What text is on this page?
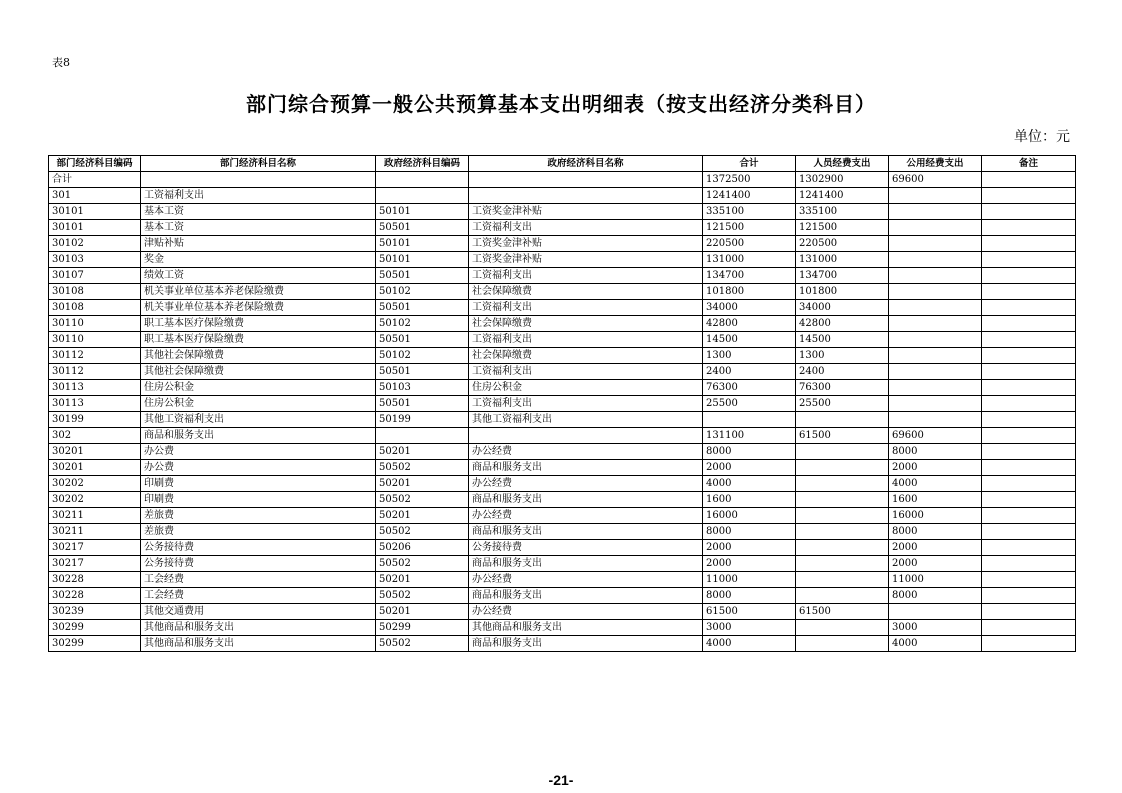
表8
部门综合预算一般公共预算基本支出明细表（按支出经济分类科目）
单位：元
部门经济科目编码	部门经济科目名称	政府经济科目编码	政府经济科目名称	合计	人员经费支出	公用经费支出	备注
合计				1372500	1302900	69600	
301	工资福利支出			1241400	1241400		
30101	基本工资	50101	工资奖金津补贴	335100	335100		
30101	基本工资	50501	工资福利支出	121500	121500		
30102	津贴补贴	50101	工资奖金津补贴	220500	220500		
30103	奖金	50101	工资奖金津补贴	131000	131000		
30107	绩效工资	50501	工资福利支出	134700	134700		
30108	机关事业单位基本养老保险缴费	50102	社会保障缴费	101800	101800		
30108	机关事业单位基本养老保险缴费	50501	工资福利支出	34000	34000		
30110	职工基本医疗保险缴费	50102	社会保障缴费	42800	42800		
30110	职工基本医疗保险缴费	50501	工资福利支出	14500	14500		
30112	其他社会保障缴费	50102	社会保障缴费	1300	1300		
30112	其他社会保障缴费	50501	工资福利支出	2400	2400		
30113	住房公积金	50103	住房公积金	76300	76300		
30113	住房公积金	50501	工资福利支出	25500	25500		
30199	其他工资福利支出	50199	其他工资福利支出				
302	商品和服务支出			131100	61500	69600	
30201	办公费	50201	办公经费	8000		8000	
30201	办公费	50502	商品和服务支出	2000		2000	
30202	印刷费	50201	办公经费	4000		4000	
30202	印刷费	50502	商品和服务支出	1600		1600	
30211	差旅费	50201	办公经费	16000		16000	
30211	差旅费	50502	商品和服务支出	8000		8000	
30217	公务接待费	50206	公务接待费	2000		2000	
30217	公务接待费	50502	商品和服务支出	2000		2000	
30228	工会经费	50201	办公经费	11000		11000	
30228	工会经费	50502	商品和服务支出	8000		8000	
30239	其他交通费用	50201	办公经费	61500	61500		
30299	其他商品和服务支出	50299	其他商品和服务支出	3000		3000	
30299	其他商品和服务支出	50502	商品和服务支出	4000		4000	
-21-
